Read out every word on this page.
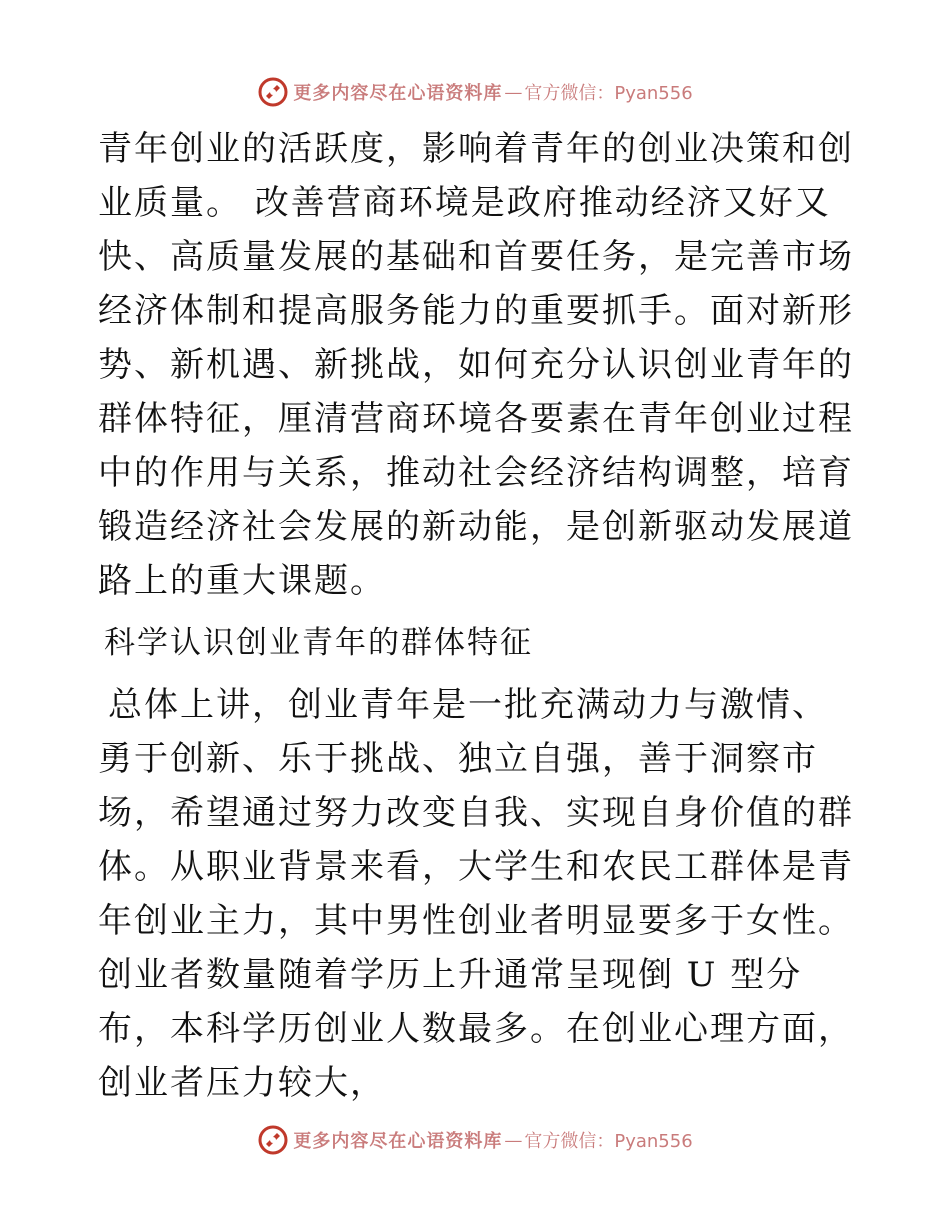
更多内容尽在心语资料库 — 官方微信：Pyan556

青年创业的活跃度，影响着青年的创业决策和创业质量。 改善营商环境是政府推动经济又好又快、高质量发展的基础和首要任务，是完善市场经济体制和提高服务能力的重要抓手。面对新形势、新机遇、新挑战，如何充分认识创业青年的群体特征，厘清营商环境各要素在青年创业过程中的作用与关系，推动社会经济结构调整，培育锻造经济社会发展的新动能，是创新驱动发展道路上的重大课题。

科学认识创业青年的群体特征

总体上讲，创业青年是一批充满动力与激情、勇于创新、乐于挑战、独立自强，善于洞察市场，希望通过努力改变自我、实现自身价值的群体。从职业背景来看，大学生和农民工群体是青年创业主力，其中男性创业者明显要多于女性。创业者数量随着学历上升通常呈现倒 U 型分布，本科学历创业人数最多。在创业心理方面，创业者压力较大，

更多内容尽在心语资料库 — 官方微信：Pyan556
